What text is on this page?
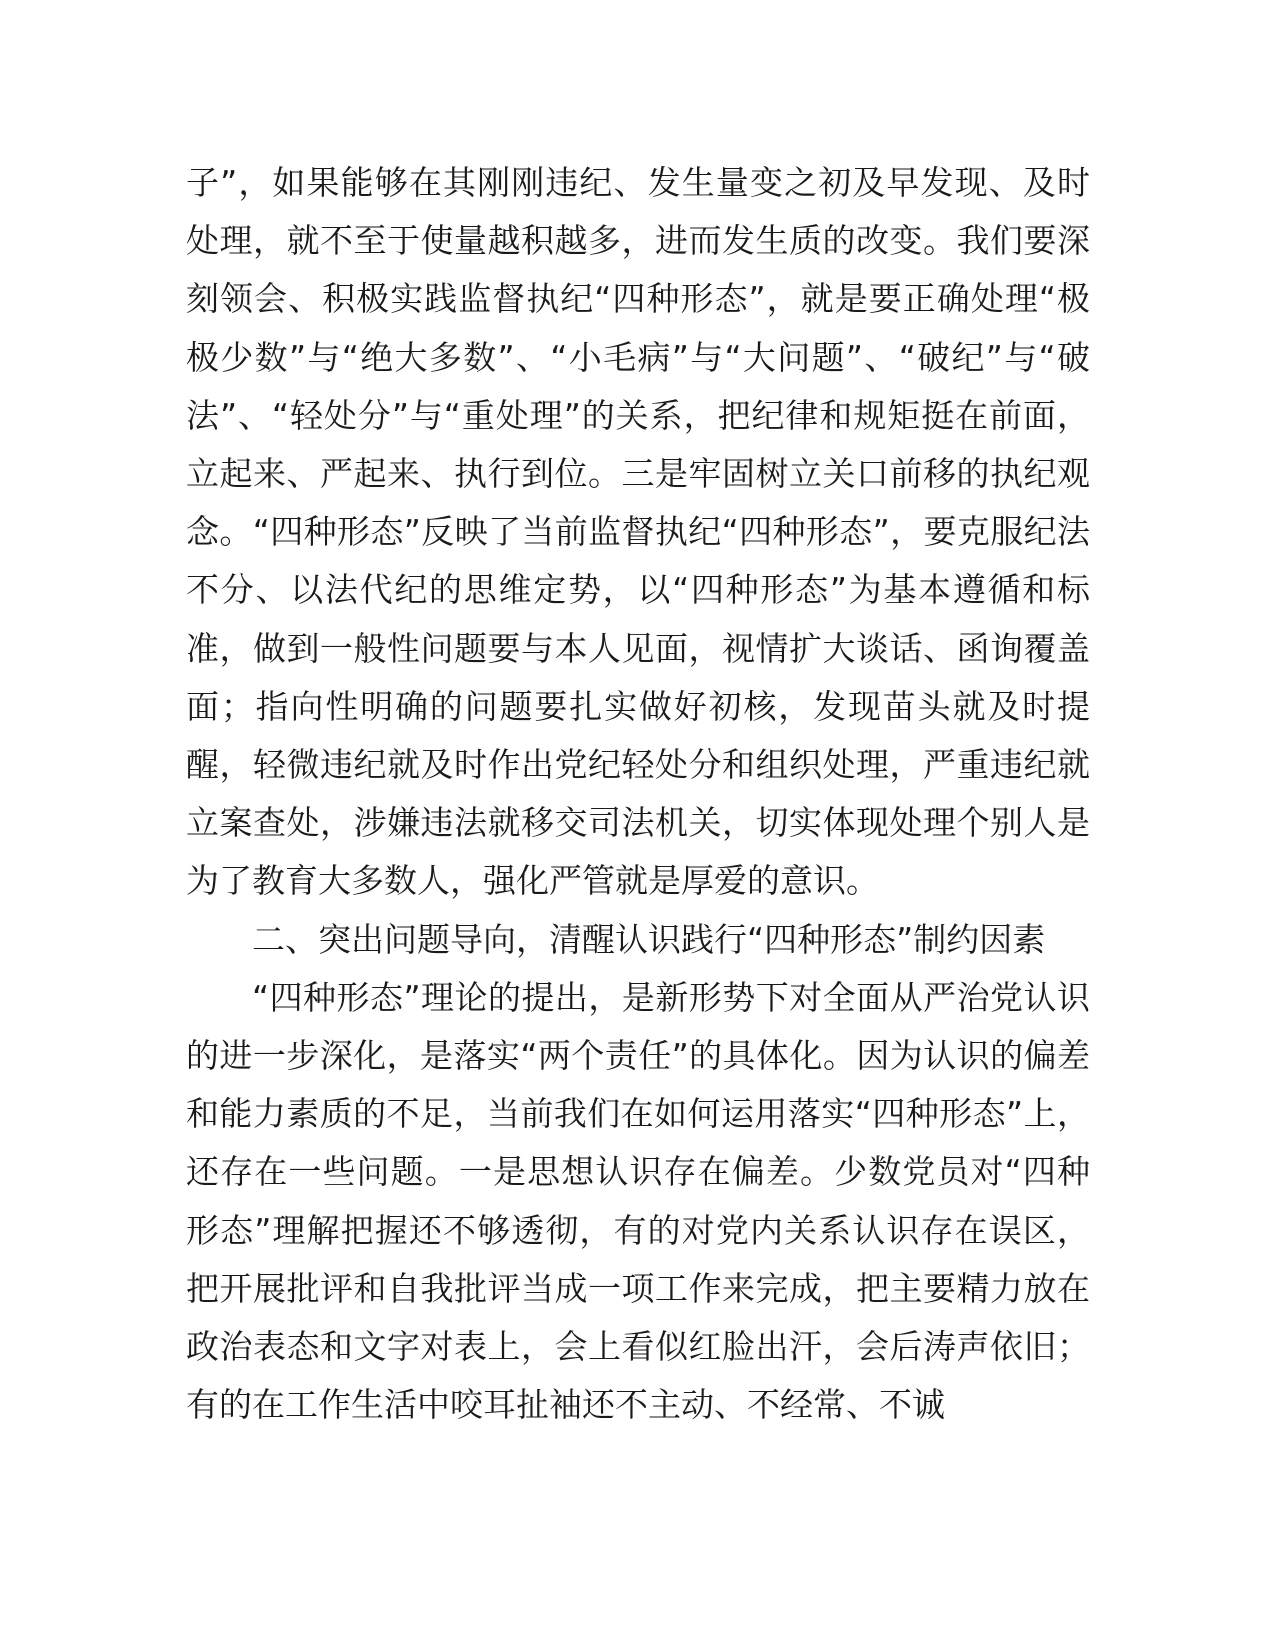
子”，如果能够在其刚刚违纪、发生量变之初及早发现、及时处理，就不至于使量越积越多，进而发生质的改变。我们要深刻领会、积极实践监督执纪“四种形态”，就是要正确处理“极极少数”与“绝大多数”、“小毛病”与“大问题”、“破纪”与“破法”、“轻处分”与“重处理”的关系，把纪律和规矩挺在前面，立起来、严起来、执行到位。三是牢固树立关口前移的执纪观念。“四种形态”反映了当前监督执纪“四种形态”，要克服纪法不分、以法代纪的思维定势，以“四种形态”为基本遵循和标准，做到一般性问题要与本人见面，视情扩大谈话、函询覆盖面；指向性明确的问题要扎实做好初核，发现苗头就及时提醒，轻微违纪就及时作出党纪轻处分和组织处理，严重违纪就立案查处，涉嫌违法就移交司法机关，切实体现处理个别人是为了教育大多数人，强化严管就是厚爱的意识。

二、突出问题导向，清醒认识践行“四种形态”制约因素

“四种形态”理论的提出，是新形势下对全面从严治党认识的进一步深化，是落实“两个责任”的具体化。因为认识的偏差和能力素质的不足，当前我们在如何运用落实“四种形态”上，还存在一些问题。一是思想认识存在偏差。少数党员对“四种形态”理解把握还不够透彻，有的对党内关系认识存在误区，把开展批评和自我批评当成一项工作来完成，把主要精力放在政治表态和文字对表上，会上看似红脸出汗，会后涛声依旧；有的在工作生活中咬耳扯袖还不主动、不经常、不诚
